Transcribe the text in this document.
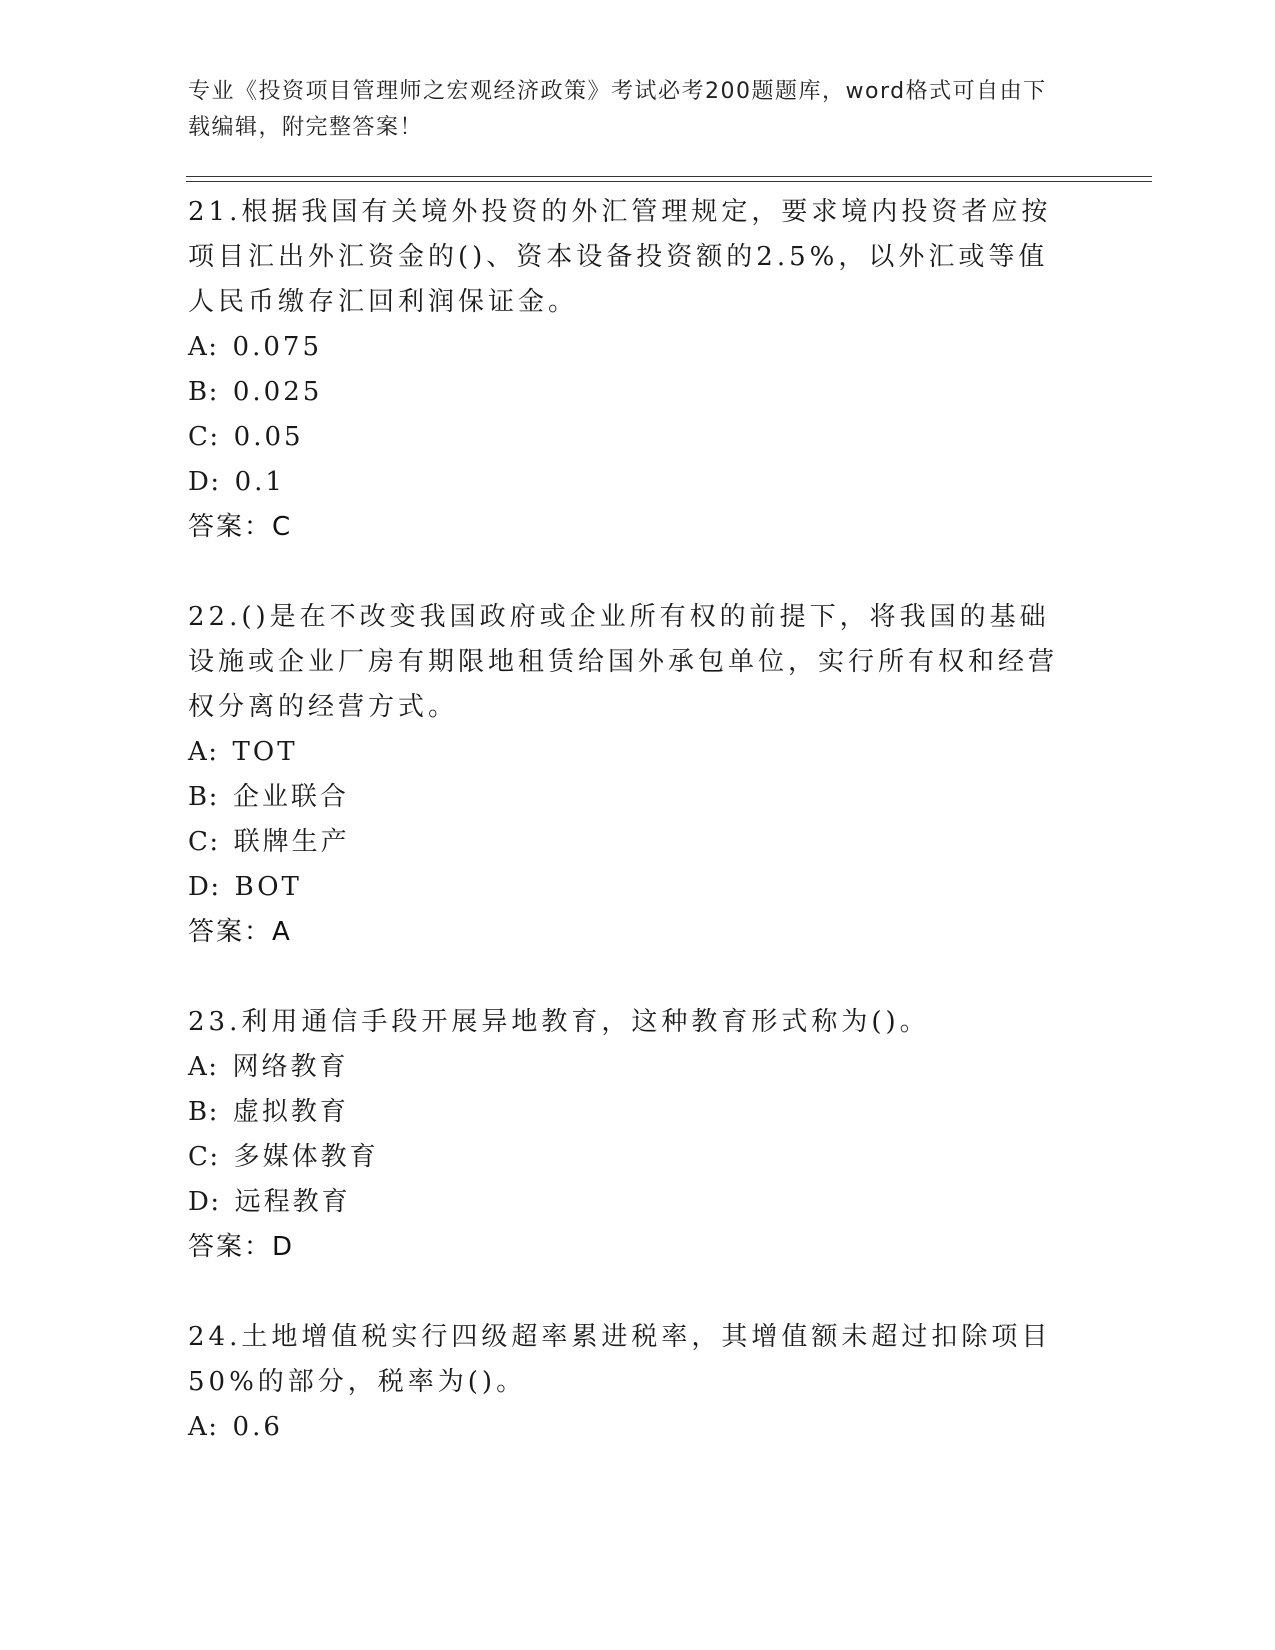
专业《投资项目管理师之宏观经济政策》考试必考200题题库，word格式可自由下载编辑，附完整答案！
21.根据我国有关境外投资的外汇管理规定，要求境内投资者应按项目汇出外汇资金的()、资本设备投资额的2.5%，以外汇或等值人民币缴存汇回利润保证金。
A: 0.075
B: 0.025
C: 0.05
D: 0.1
答案：C
22.()是在不改变我国政府或企业所有权的前提下，将我国的基础设施或企业厂房有期限地租赁给国外承包单位，实行所有权和经营权分离的经营方式。
A: TOT
B: 企业联合
C: 联牌生产
D: BOT
答案：A
23.利用通信手段开展异地教育，这种教育形式称为()。
A: 网络教育
B: 虚拟教育
C: 多媒体教育
D: 远程教育
答案：D
24.土地增值税实行四级超率累进税率，其增值额未超过扣除项目50%的部分，税率为()。
A: 0.6
